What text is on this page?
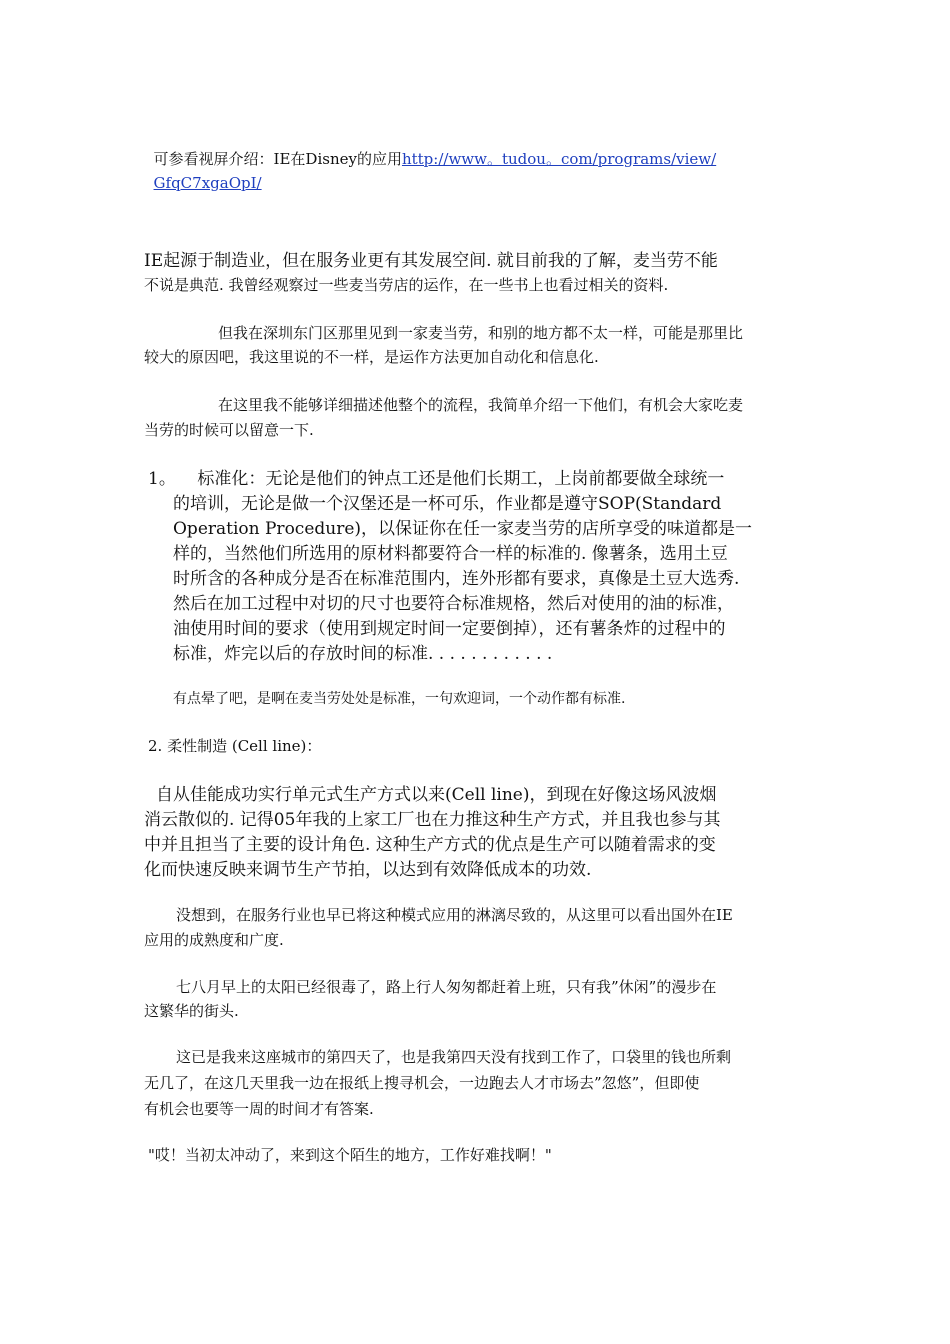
可参看视屏介绍：IE在Disney的应用http://www。tudou。com/programs/view/

GfqC7xgaOpI/

IE起源于制造业，但在服务业更有其发展空间. 就目前我的了解，麦当劳不能
不说是典范. 我曾经观察过一些麦当劳店的运作，在一些书上也看过相关的资料.
但我在深圳东门区那里见到一家麦当劳，和别的地方都不太一样，可能是那里比
较大的原因吧，我这里说的不一样，是运作方法更加自动化和信息化.
在这里我不能够详细描述他整个的流程，我简单介绍一下他们，有机会大家吃麦
当劳的时候可以留意一下.
1。    标准化：无论是他们的钟点工还是他们长期工，上岗前都要做全球统一
的培训，无论是做一个汉堡还是一杯可乐，作业都是遵守SOP(Standard
Operation Procedure)，以保证你在任一家麦当劳的店所享受的味道都是一
样的，当然他们所选用的原材料都要符合一样的标准的. 像薯条，选用土豆
时所含的各种成分是否在标准范围内，连外形都有要求，真像是土豆大选秀.
然后在加工过程中对切的尺寸也要符合标准规格，然后对使用的油的标准，
油使用时间的要求（使用到规定时间一定要倒掉），还有薯条炸的过程中的
标准，炸完以后的存放时间的标准. . . . . . . . . . . .
有点晕了吧，是啊在麦当劳处处是标准，一句欢迎词，一个动作都有标准.
2. 柔性制造 (Cell line)：
自从佳能成功实行单元式生产方式以来(Cell line)，到现在好像这场风波烟
消云散似的. 记得05年我的上家工厂也在力推这种生产方式，并且我也参与其
中并且担当了主要的设计角色. 这种生产方式的优点是生产可以随着需求的变
化而快速反映来调节生产节拍，以达到有效降低成本的功效.
没想到，在服务行业也早已将这种模式应用的淋漓尽致的，从这里可以看出国外在IE
应用的成熟度和广度.
七八月早上的太阳已经很毒了，路上行人匆匆都赶着上班，只有我”休闲”的漫步在
这繁华的街头.
这已是我来这座城市的第四天了，也是我第四天没有找到工作了，口袋里的钱也所剩
无几了，在这几天里我一边在报纸上搜寻机会，一边跑去人才市场去”忽悠”，但即使
有机会也要等一周的时间才有答案.
"哎！当初太冲动了，来到这个陌生的地方，工作好难找啊！"
